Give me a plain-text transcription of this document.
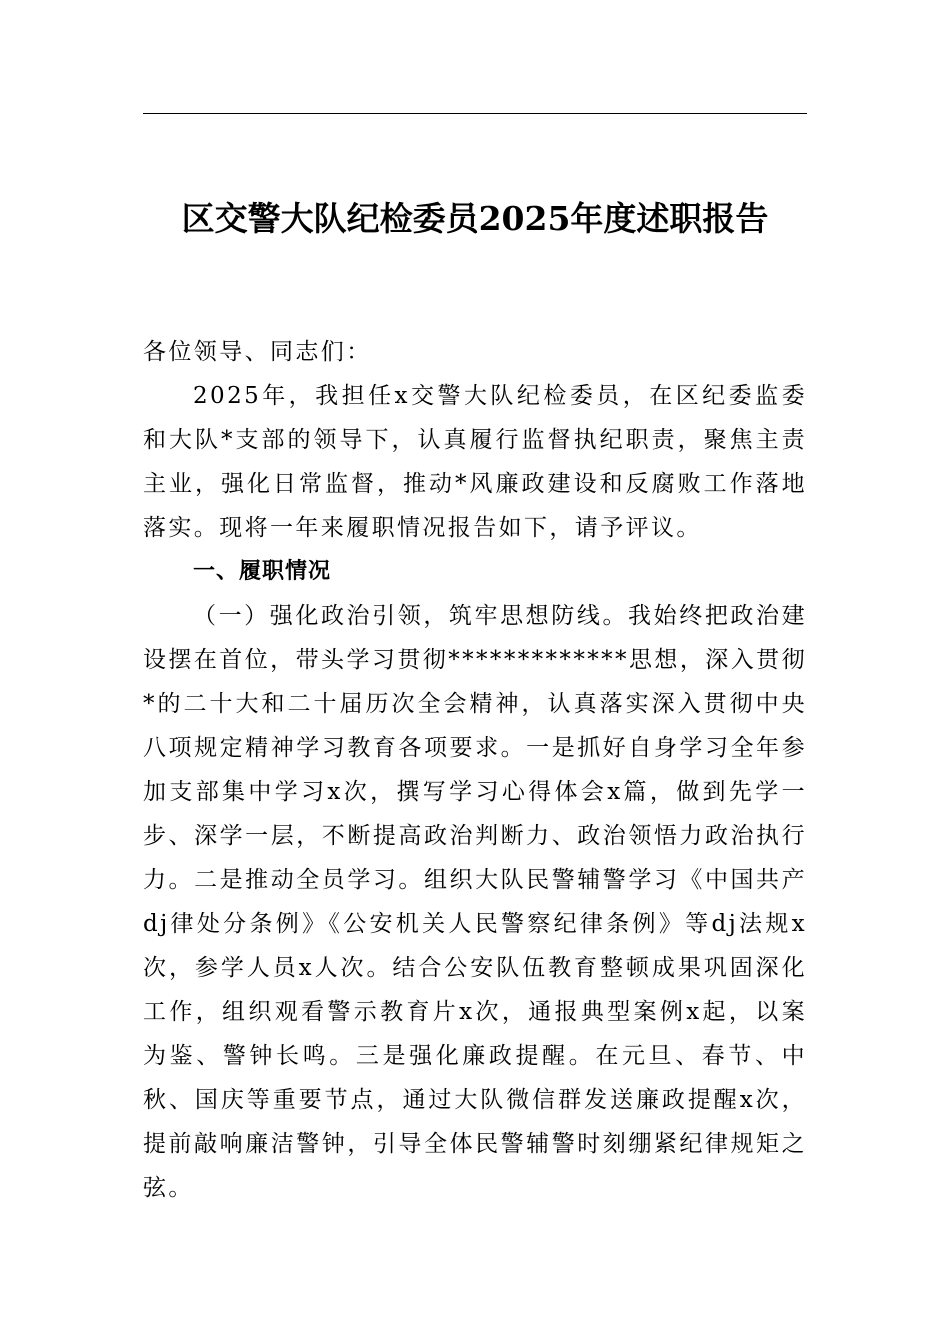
区交警大队纪检委员2025年度述职报告

各位领导、同志们：

2025年，我担任x交警大队纪检委员，在区纪委监委和大队*支部的领导下，认真履行监督执纪职责，聚焦主责主业，强化日常监督，推动*风廉政建设和反腐败工作落地落实。现将一年来履职情况报告如下，请予评议。

一、履职情况

（一）强化政治引领，筑牢思想防线。我始终把政治建设摆在首位，带头学习贯彻*************思想，深入贯彻*的二十大和二十届历次全会精神，认真落实深入贯彻中央八项规定精神学习教育各项要求。一是抓好自身学习全年参加支部集中学习x次，撰写学习心得体会x篇，做到先学一步、深学一层，不断提高政治判断力、政治领悟力政治执行力。二是推动全员学习。组织大队民警辅警学习《中国共产dj律处分条例》《公安机关人民警察纪律条例》等dj法规x次，参学人员x人次。结合公安队伍教育整顿成果巩固深化工作，组织观看警示教育片x次，通报典型案例x起，以案为鉴、警钟长鸣。三是强化廉政提醒。在元旦、春节、中秋、国庆等重要节点，通过大队微信群发送廉政提醒x次，提前敲响廉洁警钟，引导全体民警辅警时刻绷紧纪律规矩之弦。
